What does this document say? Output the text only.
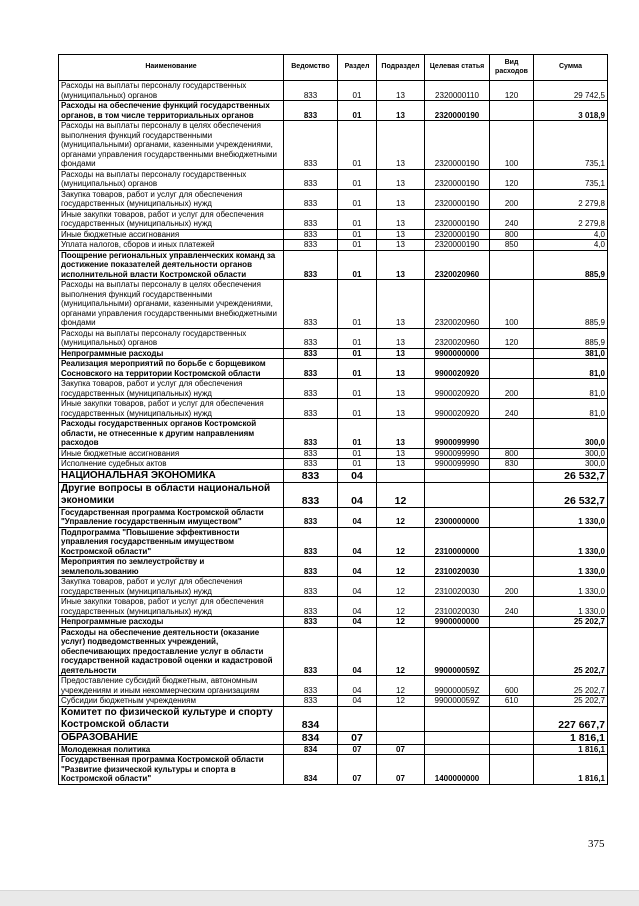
Наименование	Ведомство	Раздел	Подраздел	Целевая статья	Вид расходов	Сумма
Расходы на выплаты персоналу государственных (муниципальных) органов	833	01	13	2320000110	120	29 742,5
Расходы на обеспечение функций государственных органов, в том числе территориальных органов	833	01	13	2320000190		3 018,9
Расходы на выплаты персоналу в целях обеспечения выполнения функций государственными (муниципальными) органами, казенными учреждениями, органами управления государственными внебюджетными фондами	833	01	13	2320000190	100	735,1
Расходы на выплаты персоналу государственных (муниципальных) органов	833	01	13	2320000190	120	735,1
Закупка товаров, работ и услуг для обеспечения государственных (муниципальных) нужд	833	01	13	2320000190	200	2 279,8
Иные закупки товаров, работ и услуг для обеспечения государственных (муниципальных) нужд	833	01	13	2320000190	240	2 279,8
Иные бюджетные ассигнования	833	01	13	2320000190	800	4,0
Уплата налогов, сборов и иных платежей	833	01	13	2320000190	850	4,0
Поощрение региональных управленческих команд за достижение показателей деятельности органов исполнительной власти Костромской области	833	01	13	2320020960		885,9
Расходы на выплаты персоналу в целях обеспечения выполнения функций государственными (муниципальными) органами, казенными учреждениями, органами управления государственными внебюджетными фондами	833	01	13	2320020960	100	885,9
Расходы на выплаты персоналу государственных (муниципальных) органов	833	01	13	2320020960	120	885,9
Непрограммные расходы	833	01	13	9900000000		381,0
Реализация мероприятий по борьбе с борщевиком Сосновского на территории Костромской области	833	01	13	9900020920		81,0
Закупка товаров, работ и услуг для обеспечения государственных (муниципальных) нужд	833	01	13	9900020920	200	81,0
Иные закупки товаров, работ и услуг для обеспечения государственных (муниципальных) нужд	833	01	13	9900020920	240	81,0
Расходы государственных органов Костромской области, не отнесенные к другим направлениям расходов	833	01	13	9900099990		300,0
Иные бюджетные ассигнования	833	01	13	9900099990	800	300,0
Исполнение судебных актов	833	01	13	9900099990	830	300,0
НАЦИОНАЛЬНАЯ ЭКОНОМИКА	833	04				26 532,7
Другие вопросы в области национальной экономики	833	04	12			26 532,7
Государственная программа Костромской области "Управление государственным имуществом"	833	04	12	2300000000		1 330,0
Подпрограмма "Повышение эффективности управления государственным имуществом Костромской области"	833	04	12	2310000000		1 330,0
Мероприятия по землеустройству и землепользованию	833	04	12	2310020030		1 330,0
Закупка товаров, работ и услуг для обеспечения государственных (муниципальных) нужд	833	04	12	2310020030	200	1 330,0
Иные закупки товаров, работ и услуг для обеспечения государственных (муниципальных) нужд	833	04	12	2310020030	240	1 330,0
Непрограммные расходы	833	04	12	9900000000		25 202,7
Расходы на обеспечение деятельности (оказание услуг) подведомственных учреждений, обеспечивающих предоставление услуг в области государственной кадастровой оценки и кадастровой деятельности	833	04	12	990000059Z		25 202,7
Предоставление субсидий бюджетным, автономным учреждениям и иным некоммерческим организациям	833	04	12	990000059Z	600	25 202,7
Субсидии бюджетным учреждениям	833	04	12	990000059Z	610	25 202,7
Комитет по физической культуре и спорту Костромской области	834					227 667,7
ОБРАЗОВАНИЕ	834	07				1 816,1
Молодежная политика	834	07	07			1 816,1
Государственная программа Костромской области "Развитие физической культуры и спорта в Костромской области"	834	07	07	1400000000		1 816,1
375
